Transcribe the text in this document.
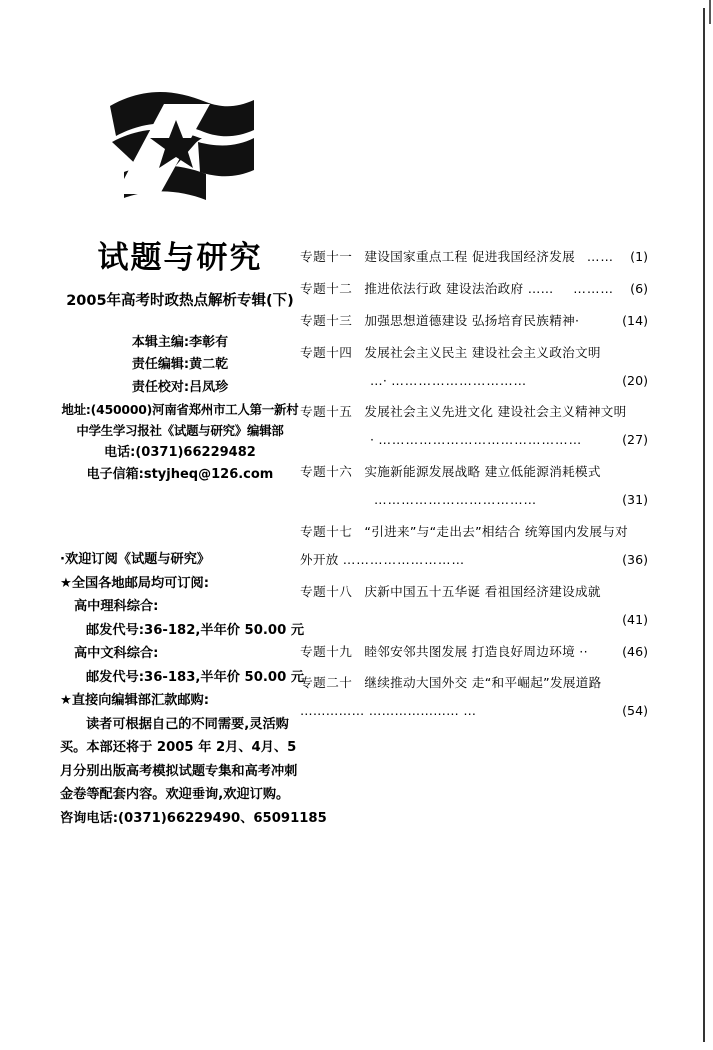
试题与研究
2005年高考时政热点解析专辑(下)
本辑主编:李彰有
责任编辑:黄二乾
责任校对:吕凤珍
地址:(450000)河南省郑州市工人第一新村
中学生学习报社《试题与研究》编辑部
电话:(0371)66229482
电子信箱:styjheq@126.com
·欢迎订阅《试题与研究》
★全国各地邮局均可订阅:
高中理科综合:
邮发代号:36-182,半年价 50.00 元
高中文科综合:
邮发代号:36-183,半年价 50.00 元
★直接向编辑部汇款邮购:
读者可根据自己的不同需要,灵活购买。本部还将于 2005 年 2月、4月、5月分别出版高考模拟试题专集和高考冲刺金卷等配套内容。欢迎垂询,欢迎订购。
咨询电话:(0371)66229490、65091185
专题十一 建设国家重点工程 促进我国经济发展 ……	(1)
专题十二 推进依法行政 建设法治政府 ……	………	(6)
专题十三 加强思想道德建设 弘扬培育民族精神·	(14)
专题十四 发展社会主义民主 建设社会主义政治文明
…· …………………………	(20)
专题十五 发展社会主义先进文化 建设社会主义精神文明
· ………………………………………	(27)
专题十六 实施新能源发展战略 建立低能源消耗模式
………………………………	(31)
专题十七 “引进来”与“走出去”相结合 统筹国内发展与对
外开放 ………………………	(36)
专题十八 庆新中国五十五华诞 看祖国经济建设成就
(41)
专题十九 睦邻安邻共图发展 打造良好周边环境 ··	(46)
专题二十 继续推动大国外交 走“和平崛起”发展道路
…………… ………………… …	(54)
